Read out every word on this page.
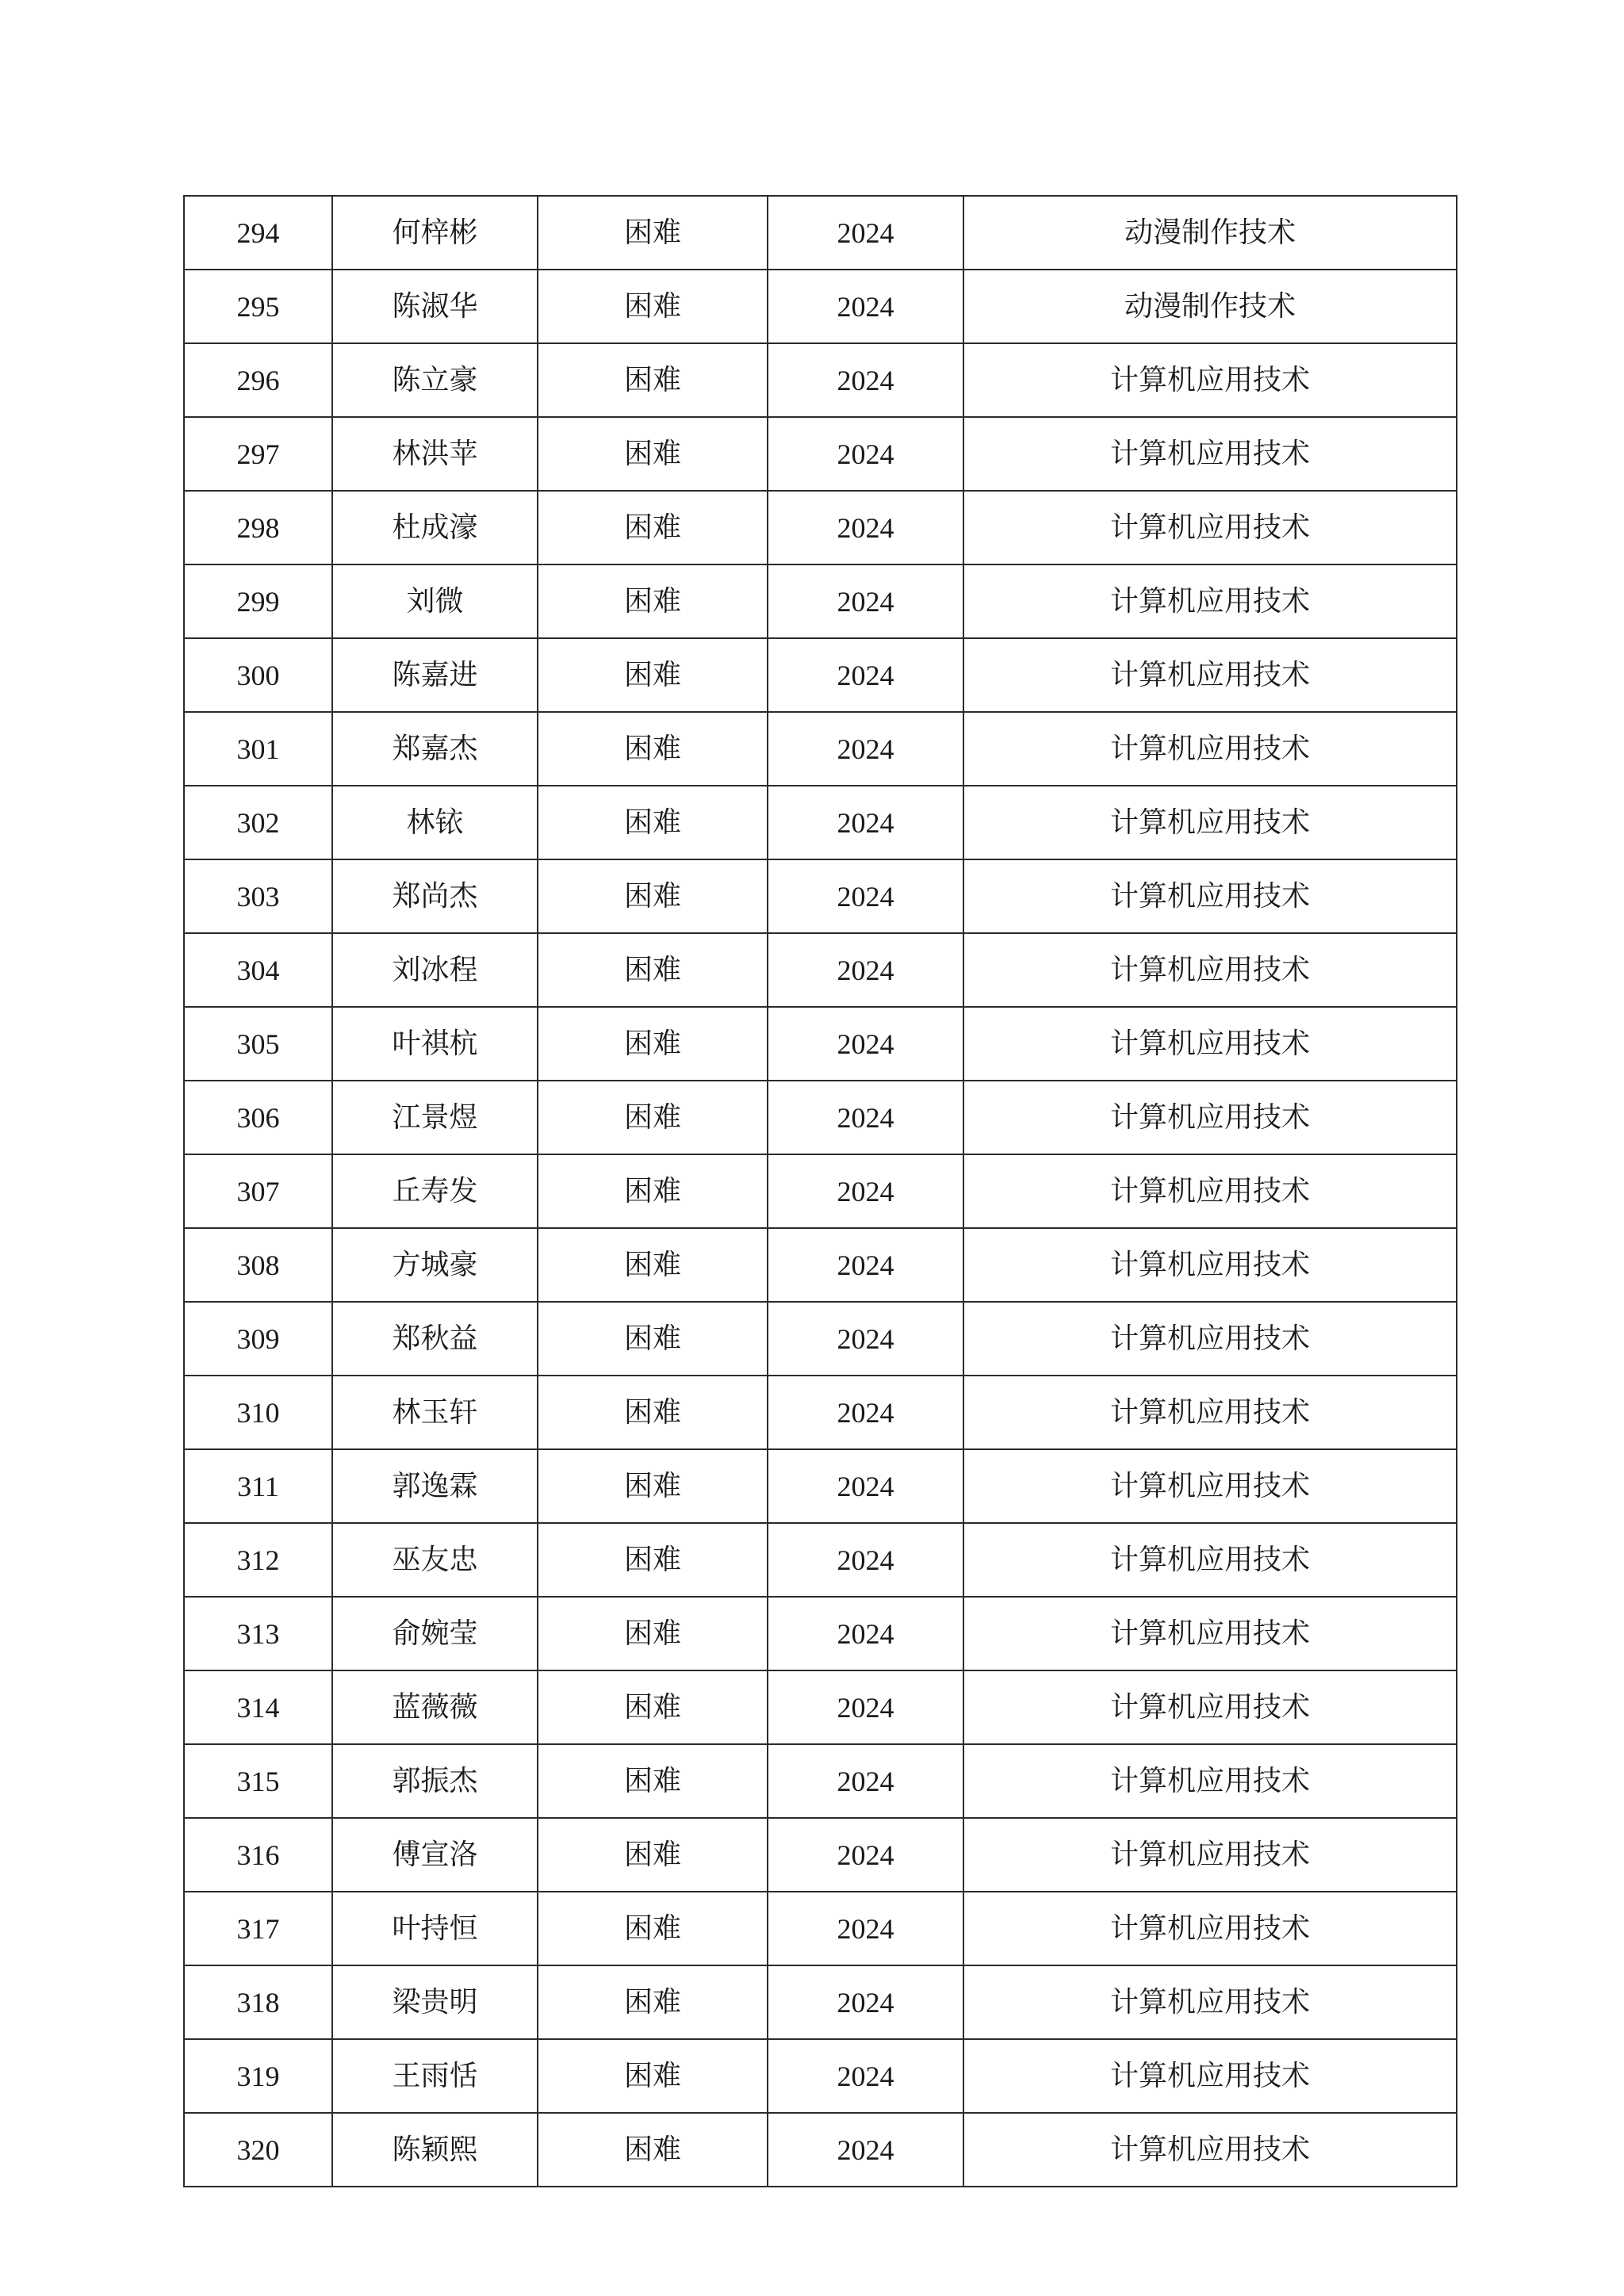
294	何梓彬	困难	2024	动漫制作技术
295	陈淑华	困难	2024	动漫制作技术
296	陈立豪	困难	2024	计算机应用技术
297	林洪苹	困难	2024	计算机应用技术
298	杜成濠	困难	2024	计算机应用技术
299	刘微	困难	2024	计算机应用技术
300	陈嘉进	困难	2024	计算机应用技术
301	郑嘉杰	困难	2024	计算机应用技术
302	林铱	困难	2024	计算机应用技术
303	郑尚杰	困难	2024	计算机应用技术
304	刘冰程	困难	2024	计算机应用技术
305	叶祺杭	困难	2024	计算机应用技术
306	江景煜	困难	2024	计算机应用技术
307	丘寿发	困难	2024	计算机应用技术
308	方城豪	困难	2024	计算机应用技术
309	郑秋益	困难	2024	计算机应用技术
310	林玉轩	困难	2024	计算机应用技术
311	郭逸霖	困难	2024	计算机应用技术
312	巫友忠	困难	2024	计算机应用技术
313	俞婉莹	困难	2024	计算机应用技术
314	蓝薇薇	困难	2024	计算机应用技术
315	郭振杰	困难	2024	计算机应用技术
316	傅宣洛	困难	2024	计算机应用技术
317	叶持恒	困难	2024	计算机应用技术
318	梁贵明	困难	2024	计算机应用技术
319	王雨恬	困难	2024	计算机应用技术
320	陈颖熙	困难	2024	计算机应用技术
